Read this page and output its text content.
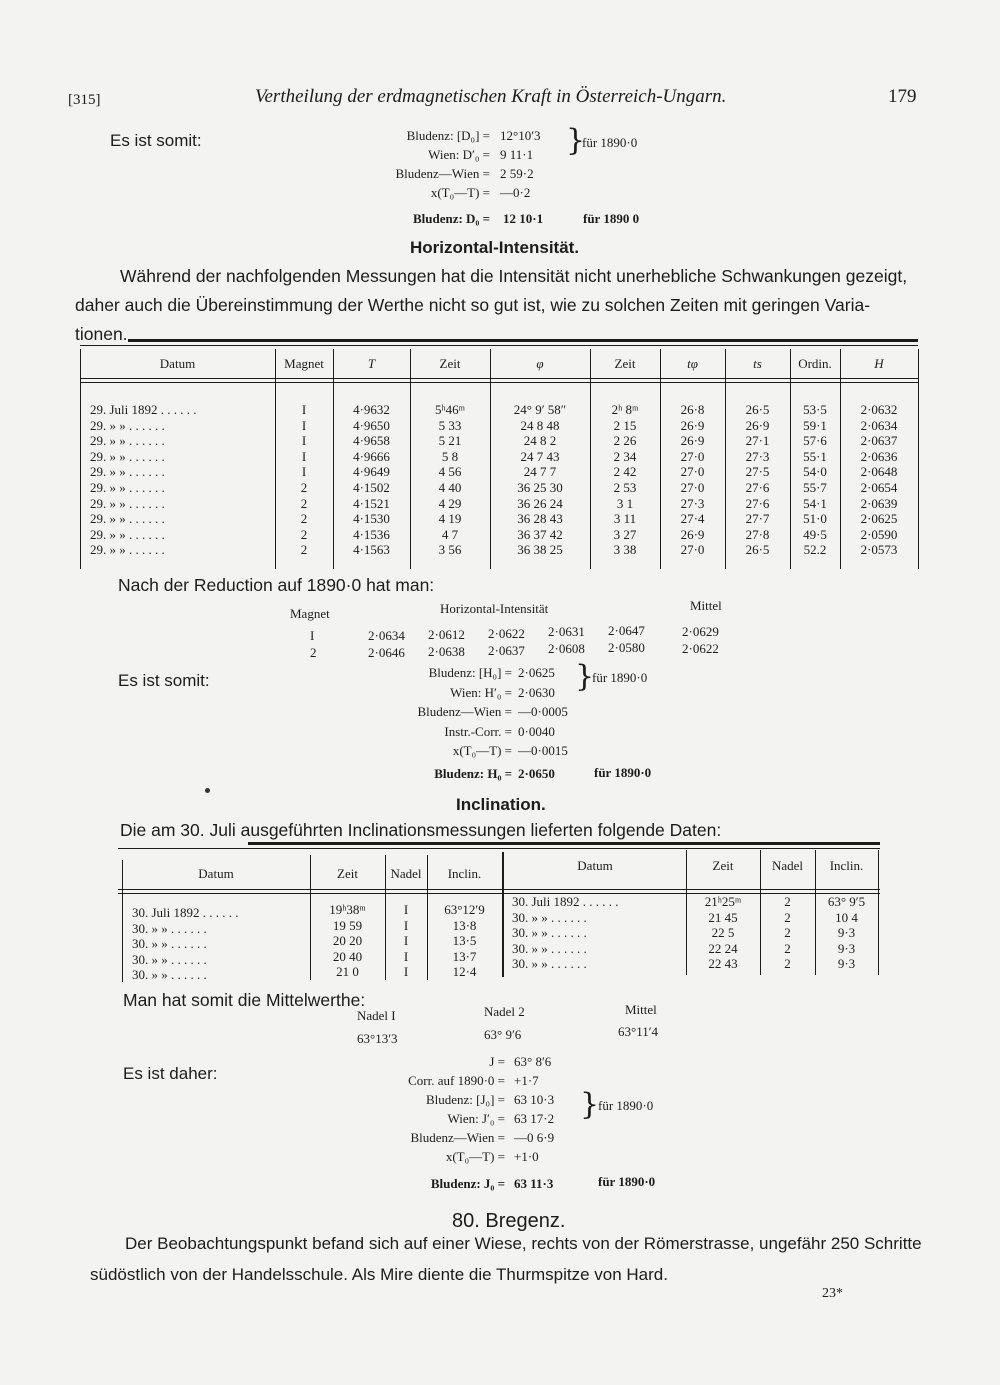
[315]	Vertheilung der erdmagnetischen Kraft in Österreich-Ungarn.	179
Es ist somit:	Bludenz: [D₀] = 12°10ʹ3
Wien: D′₀ = 9 11·1
Bludenz—Wien = 2 59·2
x(T₀—T) = —0·2
}
für 1890·0
Bludenz: D₀ = 12 10·1	für 1890 0
Horizontal-Intensität.
Während der nachfolgenden Messungen hat die Intensität nicht unerhebliche Schwankungen gezeigt,
daher auch die Übereinstimmung der Werthe nicht so gut ist, wie zu solchen Zeiten mit geringen Varia-
tionen.
Datum	Magnet	T	Zeit	φ	Zeit	tφ	ts	Ordin.	H
29. Juli 1892 . . . . . .	I	4·9632	5ʰ46ᵐ	24° 9′ 58″	2ʰ 8ᵐ	26·8	26·5	53·5	2·0632
29. » » . . . . . .	I	4·9650	5 33	24 8 48	2 15	26·9	26·9	59·1	2·0634
29. » » . . . . . .	I	4·9658	5 21	24 8 2	2 26	26·9	27·1	57·6	2·0637
29. » » . . . . . .	I	4·9666	5 8	24 7 43	2 34	27·0	27·3	55·1	2·0636
29. » » . . . . . .	I	4·9649	4 56	24 7 7	2 42	27·0	27·5	54·0	2·0648
29. » » . . . . . .	2	4·1502	4 40	36 25 30	2 53	27·0	27·6	55·7	2·0654
29. » » . . . . . .	2	4·1521	4 29	36 26 24	3 1	27·3	27·6	54·1	2·0639
29. » » . . . . . .	2	4·1530	4 19	36 28 43	3 11	27·4	27·7	51·0	2·0625
29. » » . . . . . .	2	4·1536	4 7	36 37 42	3 27	26·9	27·8	49·5	2·0590
29. » » . . . . . .	2	4·1563	3 56	36 38 25	3 38	27·0	26·5	52.2	2·0573
Nach der Reduction auf 1890·0 hat man:
Magnet	Horizontal-Intensität	Mittel
I	2·0634 2·0612 2·0622 2·0631 2·0647	2·0629
2	2·0646 2·0638 2·0637 2·0608 2·0580	2·0622
Es ist somit:	Bludenz: [H₀] = 2·0625
Wien: H′₀ = 2·0630
Bludenz—Wien = —0·0005
Instr.-Corr. = 0·0040
x(T₀—T) = —0·0015
}
für 1890·0
Bludenz: H₀ = 2·0650	für 1890·0
Inclination.
Die am 30. Juli ausgeführten Inclinationsmessungen lieferten folgende Daten:
Datum	Zeit	Nadel	Inclin.
Datum	Zeit	Nadel	Inclin.
30. Juli 1892 . . . . . .	19ʰ38ᵐ	I	63°12ʹ9
30. » » . . . . . .	19 59	I	13·8
30. » » . . . . . .	20 20	I	13·5
30. » » . . . . . .	20 40	I	13·7
30. » » . . . . . .	21 0	I	12·4
30. Juli 1892 . . . . . .	21ʰ25ᵐ	2	63° 9ʹ5
30. » » . . . . . .	21 45	2	10 4
30. » » . . . . . .	22 5	2	9·3
30. » » . . . . . .	22 24	2	9·3
30. » » . . . . . .	22 43	2	9·3
Man hat somit die Mittelwerthe:
Nadel I	Nadel 2	Mittel
63°13ʹ3	63° 9ʹ6	63°11ʹ4
Es ist daher:
J = 63° 8ʹ6
Corr. auf 1890·0 = +1·7
Bludenz: [J₀] = 63 10·3
Wien: J′₀ = 63 17·2
Bludenz—Wien = —0 6·9
x(T₀—T) = +1·0
}
für 1890·0
Bludenz: J₀ = 63 11·3	für 1890·0
80. Bregenz.
Der Beobachtungspunkt befand sich auf einer Wiese, rechts von der Römerstrasse, ungefähr 250 Schritte
südöstlich von der Handelsschule. Als Mire diente die Thurmspitze von Hard.
23*
